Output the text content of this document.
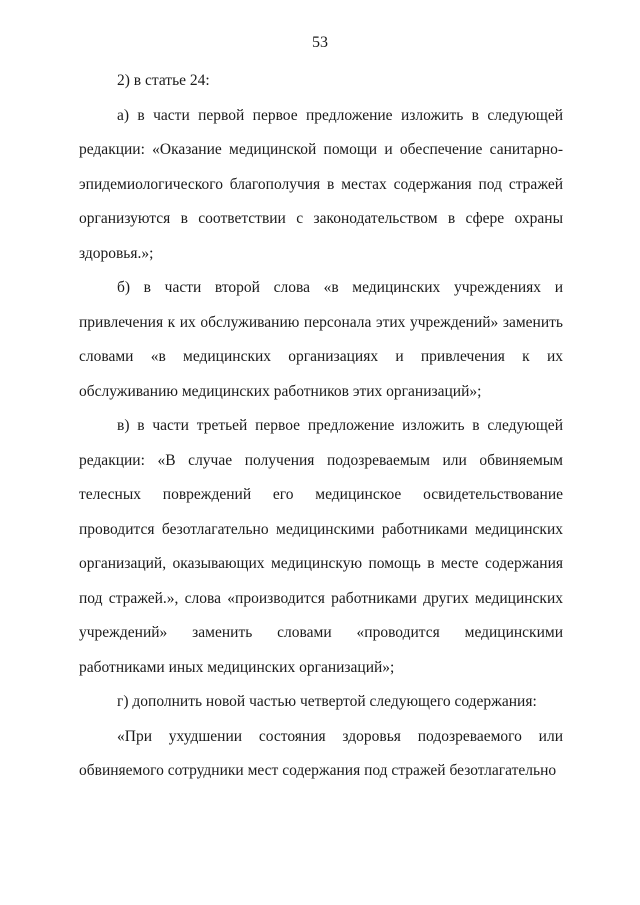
53

2) в статье 24:

а) в части первой первое предложение изложить в следующей редакции: «Оказание медицинской помощи и обеспечение санитарно-эпидемиологического благополучия в местах содержания под стражей организуются в соответствии с законодательством в сфере охраны здоровья.»;

б) в части второй слова «в медицинских учреждениях и привлечения к их обслуживанию персонала этих учреждений» заменить словами «в медицинских организациях и привлечения к их обслуживанию медицинских работников этих организаций»;

в) в части третьей первое предложение изложить в следующей редакции: «В случае получения подозреваемым или обвиняемым телесных повреждений его медицинское освидетельствование проводится безотлагательно медицинскими работниками медицинских организаций, оказывающих медицинскую помощь в месте содержания под стражей.», слова «производится работниками других медицинских учреждений» заменить словами «проводится медицинскими работниками иных медицинских организаций»;

г) дополнить новой частью четвертой следующего содержания:

«При ухудшении состояния здоровья подозреваемого или обвиняемого сотрудники мест содержания под стражей безотлагательно
